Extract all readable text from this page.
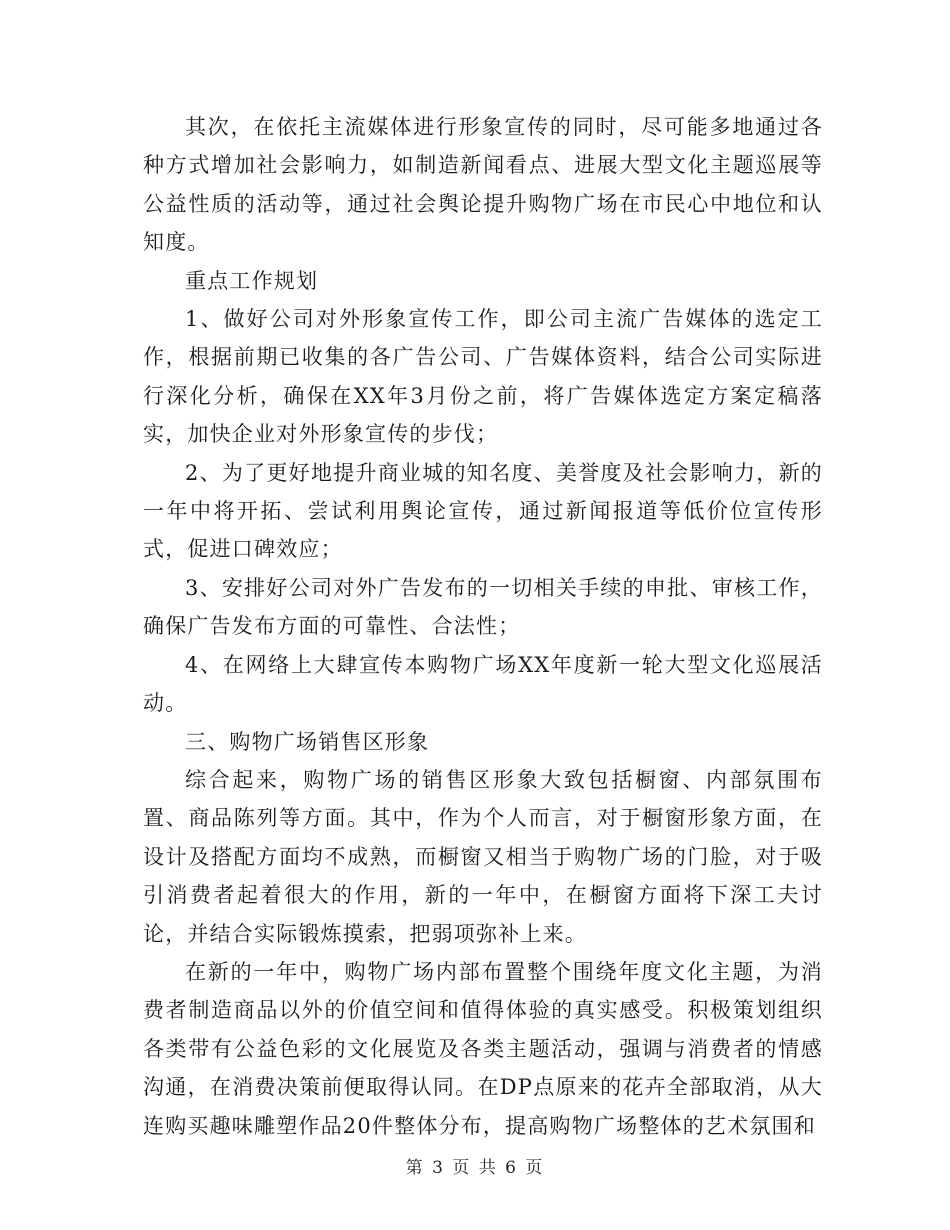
其次，在依托主流媒体进行形象宣传的同时，尽可能多地通过各种方式增加社会影响力，如制造新闻看点、进展大型文化主题巡展等公益性质的活动等，通过社会舆论提升购物广场在市民心中地位和认知度。

重点工作规划

1、做好公司对外形象宣传工作，即公司主流广告媒体的选定工作，根据前期已收集的各广告公司、广告媒体资料，结合公司实际进行深化分析，确保在XX年3月份之前，将广告媒体选定方案定稿落实，加快企业对外形象宣传的步伐；

2、为了更好地提升商业城的知名度、美誉度及社会影响力，新的一年中将开拓、尝试利用舆论宣传，通过新闻报道等低价位宣传形式，促进口碑效应；

3、安排好公司对外广告发布的一切相关手续的申批、审核工作，确保广告发布方面的可靠性、合法性；

4、在网络上大肆宣传本购物广场XX年度新一轮大型文化巡展活动。

三、购物广场销售区形象

综合起来，购物广场的销售区形象大致包括橱窗、内部氛围布置、商品陈列等方面。其中，作为个人而言，对于橱窗形象方面，在设计及搭配方面均不成熟，而橱窗又相当于购物广场的门脸，对于吸引消费者起着很大的作用，新的一年中，在橱窗方面将下深工夫讨论，并结合实际锻炼摸索，把弱项弥补上来。

在新的一年中，购物广场内部布置整个围绕年度文化主题，为消费者制造商品以外的价值空间和值得体验的真实感受。积极策划组织各类带有公益色彩的文化展览及各类主题活动，强调与消费者的情感沟通，在消费决策前便取得认同。在DP点原来的花卉全部取消，从大连购买趣味雕塑作品20件整体分布，提高购物广场整体的艺术氛围和

第 3 页 共 6 页
